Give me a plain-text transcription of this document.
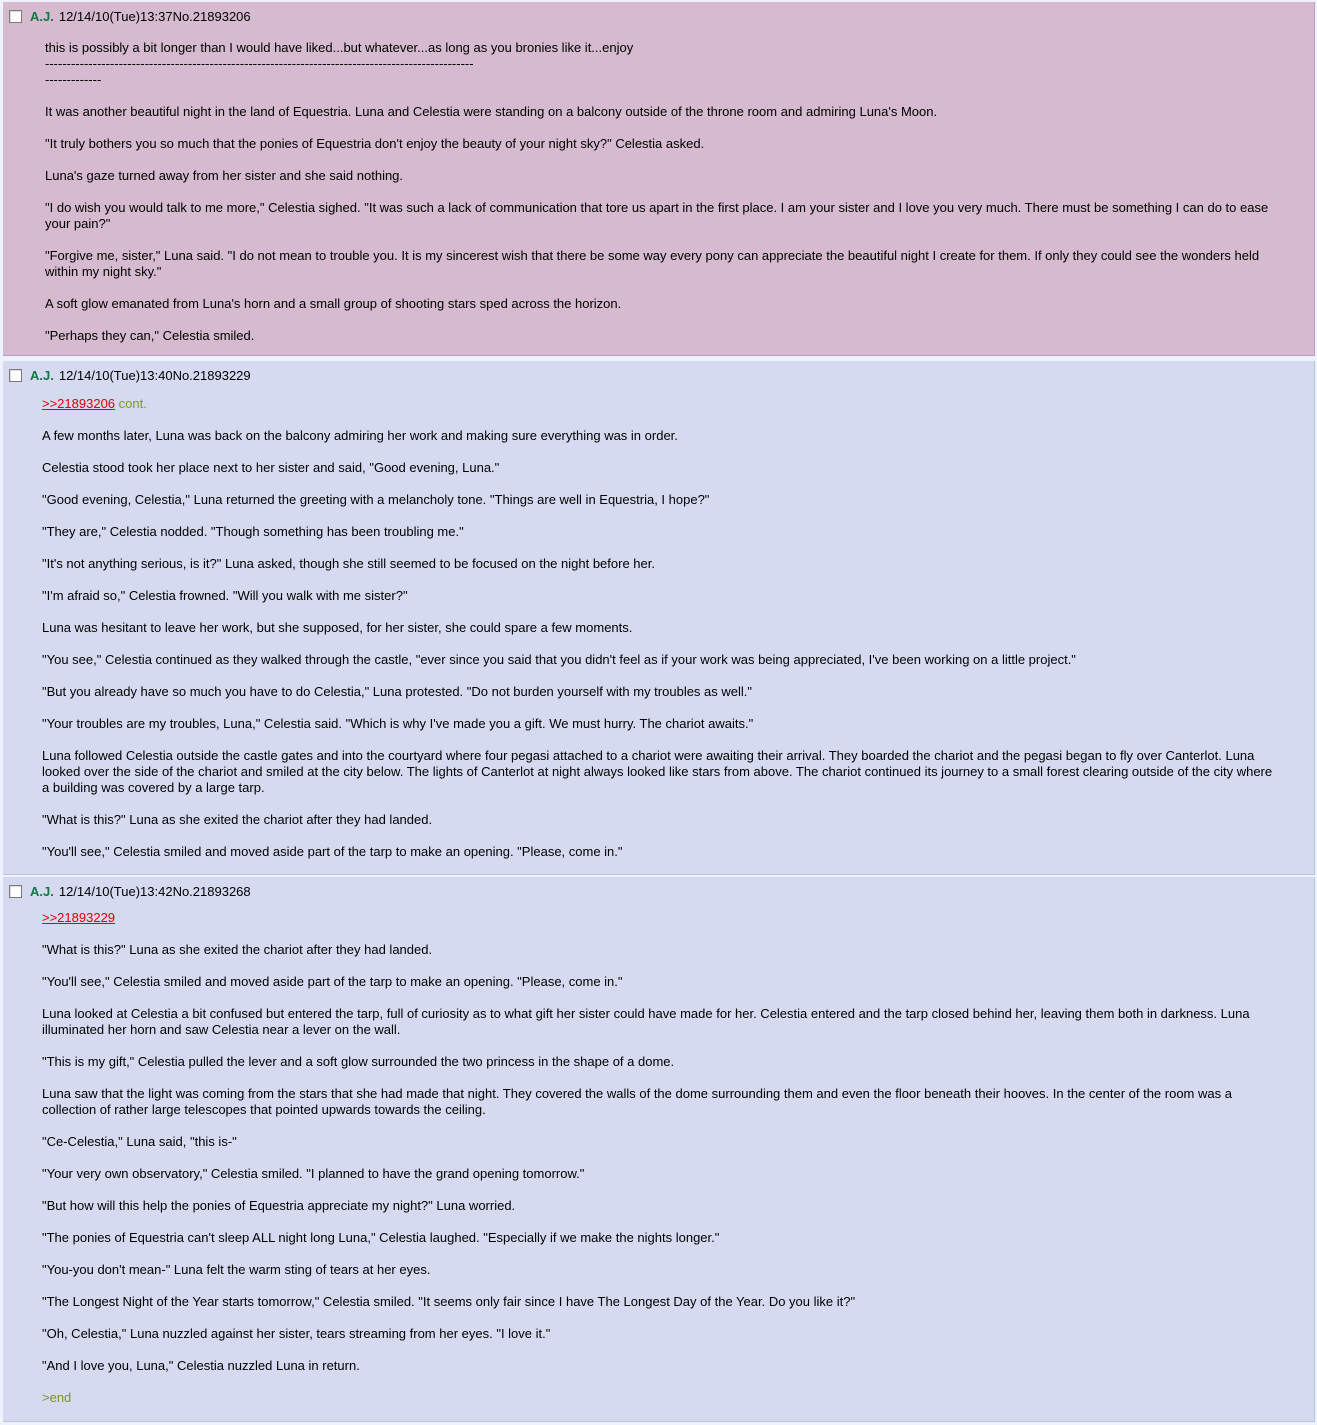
A.J. 12/14/10(Tue)13:37 No.21893206
this is possibly a bit longer than I would have liked...but whatever...as long as you bronies like it...enjoy
---------------------------------------------------------------------------------------------------
-------------
It was another beautiful night in the land of Equestria. Luna and Celestia were standing on a balcony outside of the throne room and admiring Luna's Moon.
"It truly bothers you so much that the ponies of Equestria don't enjoy the beauty of your night sky?" Celestia asked.
Luna's gaze turned away from her sister and she said nothing.
"I do wish you would talk to me more," Celestia sighed. "It was such a lack of communication that tore us apart in the first place. I am your sister and I love you very much. There must be something I can do to ease your pain?"
"Forgive me, sister," Luna said. "I do not mean to trouble you. It is my sincerest wish that there be some way every pony can appreciate the beautiful night I create for them. If only they could see the wonders held within my night sky."
A soft glow emanated from Luna's horn and a small group of shooting stars sped across the horizon.
"Perhaps they can," Celestia smiled.
A.J. 12/14/10(Tue)13:40 No.21893229
>>21893206 cont.
A few months later, Luna was back on the balcony admiring her work and making sure everything was in order.
Celestia stood took her place next to her sister and said, "Good evening, Luna."
"Good evening, Celestia," Luna returned the greeting with a melancholy tone. "Things are well in Equestria, I hope?"
"They are," Celestia nodded. "Though something has been troubling me."
"It's not anything serious, is it?" Luna asked, though she still seemed to be focused on the night before her.
"I'm afraid so," Celestia frowned. "Will you walk with me sister?"
Luna was hesitant to leave her work, but she supposed, for her sister, she could spare a few moments.
"You see," Celestia continued as they walked through the castle, "ever since you said that you didn't feel as if your work was being appreciated, I've been working on a little project."
"But you already have so much you have to do Celestia," Luna protested. "Do not burden yourself with my troubles as well."
"Your troubles are my troubles, Luna," Celestia said. "Which is why I've made you a gift. We must hurry. The chariot awaits."
Luna followed Celestia outside the castle gates and into the courtyard where four pegasi attached to a chariot were awaiting their arrival. They boarded the chariot and the pegasi began to fly over Canterlot. Luna looked over the side of the chariot and smiled at the city below. The lights of Canterlot at night always looked like stars from above. The chariot continued its journey to a small forest clearing outside of the city where a building was covered by a large tarp.
"What is this?" Luna as she exited the chariot after they had landed.
"You'll see," Celestia smiled and moved aside part of the tarp to make an opening. "Please, come in."
A.J. 12/14/10(Tue)13:42 No.21893268
>>21893229
"What is this?" Luna as she exited the chariot after they had landed.
"You'll see," Celestia smiled and moved aside part of the tarp to make an opening. "Please, come in."
Luna looked at Celestia a bit confused but entered the tarp, full of curiosity as to what gift her sister could have made for her. Celestia entered and the tarp closed behind her, leaving them both in darkness. Luna illuminated her horn and saw Celestia near a lever on the wall.
"This is my gift," Celestia pulled the lever and a soft glow surrounded the two princess in the shape of a dome.
Luna saw that the light was coming from the stars that she had made that night. They covered the walls of the dome surrounding them and even the floor beneath their hooves. In the center of the room was a collection of rather large telescopes that pointed upwards towards the ceiling.
"Ce-Celestia," Luna said, "this is-"
"Your very own observatory," Celestia smiled. "I planned to have the grand opening tomorrow."
"But how will this help the ponies of Equestria appreciate my night?" Luna worried.
"The ponies of Equestria can't sleep ALL night long Luna," Celestia laughed. "Especially if we make the nights longer."
"You-you don't mean-" Luna felt the warm sting of tears at her eyes.
"The Longest Night of the Year starts tomorrow," Celestia smiled. "It seems only fair since I have The Longest Day of the Year. Do you like it?"
"Oh, Celestia," Luna nuzzled against her sister, tears streaming from her eyes. "I love it."
"And I love you, Luna," Celestia nuzzled Luna in return.
>end
